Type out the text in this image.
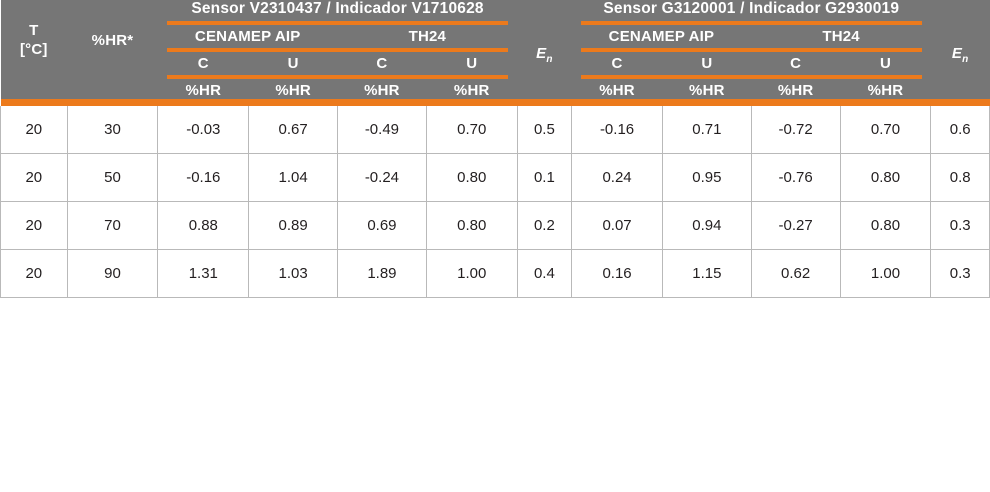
T
[°C]	%HR*	Sensor V2310437 / Indicador V1710628					Sensor G3120001 / Indicador G2930019				

		CENAMEP AIP		TH24		$E_n$	CENAMEP AIP		TH24		$E_n$

		C	U	C	U		C	U	C	U	

		%HR	%HR	%HR	%HR		%HR	%HR	%HR	%HR	

20	30	-0.03	0.67	-0.49	0.70	0.5	-0.16	0.71	-0.72	0.70	0.6
20	50	-0.16	1.04	-0.24	0.80	0.1	0.24	0.95	-0.76	0.80	0.8
20	70	0.88	0.89	0.69	0.80	0.2	0.07	0.94	-0.27	0.80	0.3
20	90	1.31	1.03	1.89	1.00	0.4	0.16	1.15	0.62	1.00	0.3
